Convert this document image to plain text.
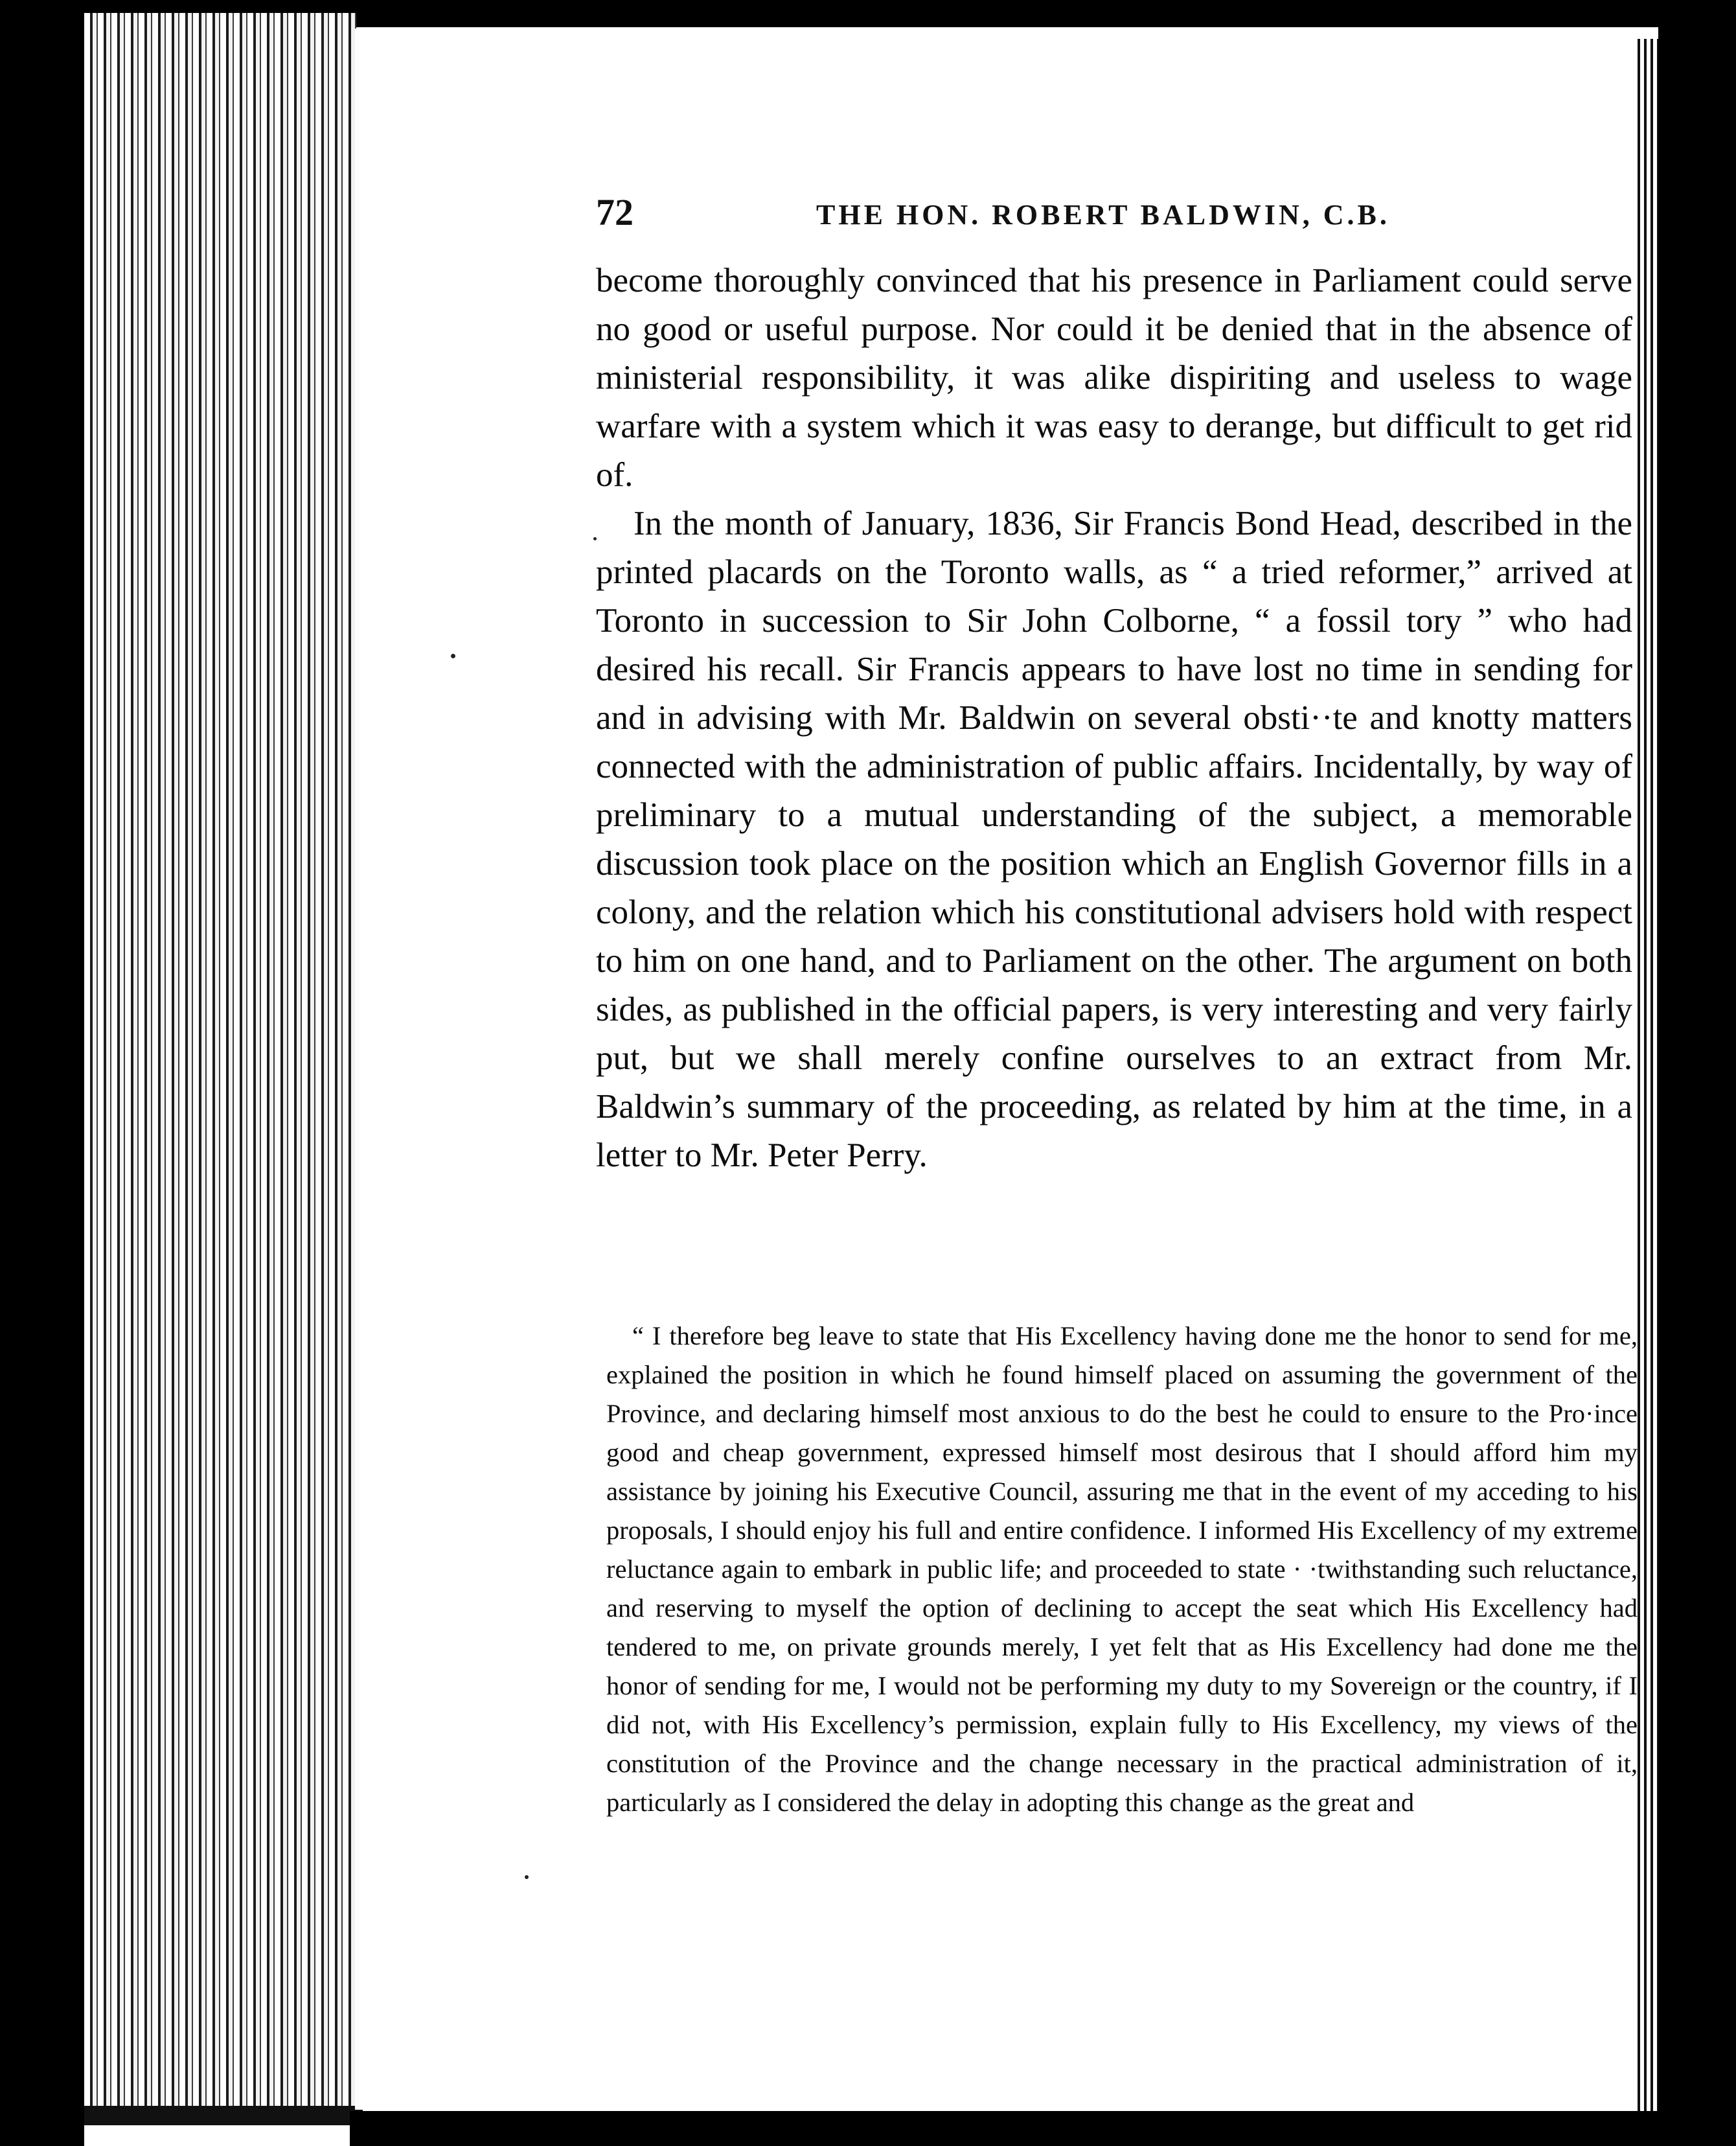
72	THE HON. ROBERT BALDWIN, C.B.

become thoroughly convinced that his presence in Parliament could serve no good or useful purpose. Nor could it be denied that in the absence of ministerial responsibility, it was alike dispiriting and useless to wage warfare with a system which it was easy to derange, but difficult to get rid of.

In the month of January, 1836, Sir Francis Bond Head, described in the printed placards on the Toronto walls, as “ a tried reformer,” arrived at Toronto in succession to Sir John Colborne, “ a fossil tory ” who had desired his recall. Sir Francis appears to have lost no time in sending for and in advising with Mr. Baldwin on several obsti··te and knotty matters connected with the administration of public affairs. Incidentally, by way of preliminary to a mutual understanding of the subject, a memorable discussion took place on the position which an English Governor fills in a colony, and the relation which his constitutional advisers hold with respect to him on one hand, and to Parliament on the other. The argument on both sides, as published in the official papers, is very interesting and very fairly put, but we shall merely confine ourselves to an extract from Mr. Baldwin’s summary of the proceeding, as related by him at the time, in a letter to Mr. Peter Perry.

“ I therefore beg leave to state that His Excellency having done me the honor to send for me, explained the position in which he found himself placed on assuming the government of the Province, and declaring himself most anxious to do the best he could to ensure to the Pro·ince good and cheap government, expressed himself most desirous that I should afford him my assistance by joining his Executive Council, assuring me that in the event of my acceding to his proposals, I should enjoy his full and entire confidence. I informed His Excellency of my extreme reluctance again to embark in public life; and proceeded to state · ·twithstanding such reluctance, and reserving to myself the option of declining to accept the seat which His Excellency had tendered to me, on private grounds merely, I yet felt that as His Excellency had done me the honor of sending for me, I would not be performing my duty to my Sovereign or the country, if I did not, with His Excellency’s permission, explain fully to His Excellency, my views of the constitution of the Province and the change necessary in the practical administration of it, particularly as I considered the delay in adopting this change as the great and
